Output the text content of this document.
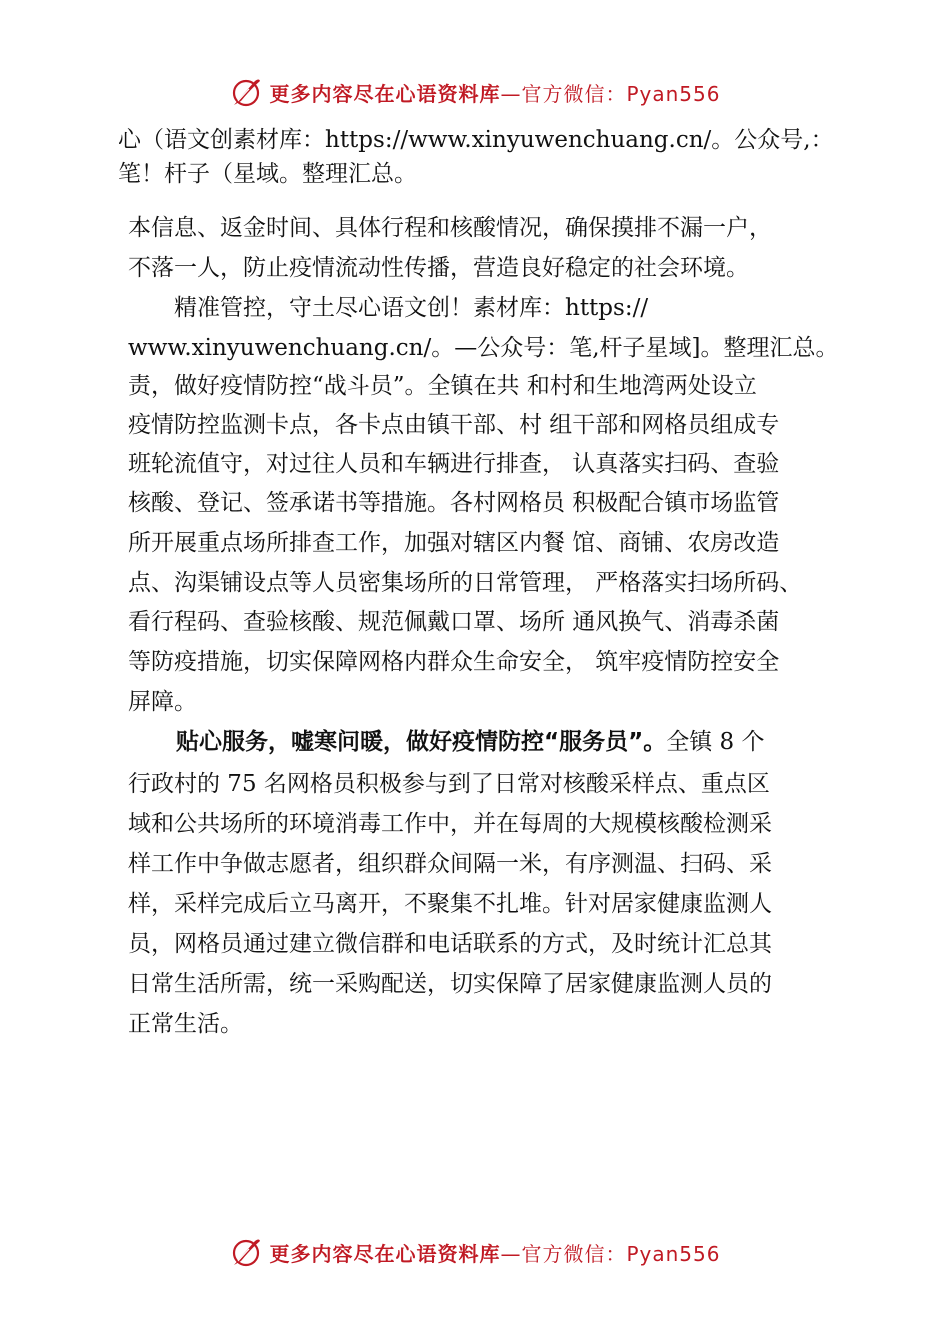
更多内容尽在心语资料库—官方微信：Pyan556
心（语文创素材库：https://www.xinyuwenchuang.cn/。公众号,：
笔！杆子（星域。整理汇总。
本信息、返金时间、具体行程和核酸情况，确保摸排不漏一户，
不落一人，防止疫情流动性传播，营造良好稳定的社会环境。
　　精准管控，守土尽心语文创！素材库：https://
www.xinyuwenchuang.cn/。—公众号：笔,杆子星域]。整理汇总。
责，做好疫情防控“战斗员”。全镇在共 和村和生地湾两处设立
疫情防控监测卡点，各卡点由镇干部、村 组干部和网格员组成专
班轮流值守，对过往人员和车辆进行排查， 认真落实扫码、查验
核酸、登记、签承诺书等措施。各村网格员 积极配合镇市场监管
所开展重点场所排查工作，加强对辖区内餐 馆、商铺、农房改造
点、沟渠铺设点等人员密集场所的日常管理， 严格落实扫场所码、
看行程码、查验核酸、规范佩戴口罩、场所 通风换气、消毒杀菌
等防疫措施，切实保障网格内群众生命安全， 筑牢疫情防控安全
屏障。
贴心服务，嘘寒问暖，做好疫情防控“服务员”。全镇 8 个
行政村的 75 名网格员积极参与到了日常对核酸采样点、重点区
域和公共场所的环境消毒工作中，并在每周的大规模核酸检测采
样工作中争做志愿者，组织群众间隔一米，有序测温、扫码、采
样，采样完成后立马离开，不聚集不扎堆。针对居家健康监测人
员，网格员通过建立微信群和电话联系的方式，及时统计汇总其
日常生活所需，统一采购配送，切实保障了居家健康监测人员的
正常生活。
更多内容尽在心语资料库—官方微信：Pyan556
